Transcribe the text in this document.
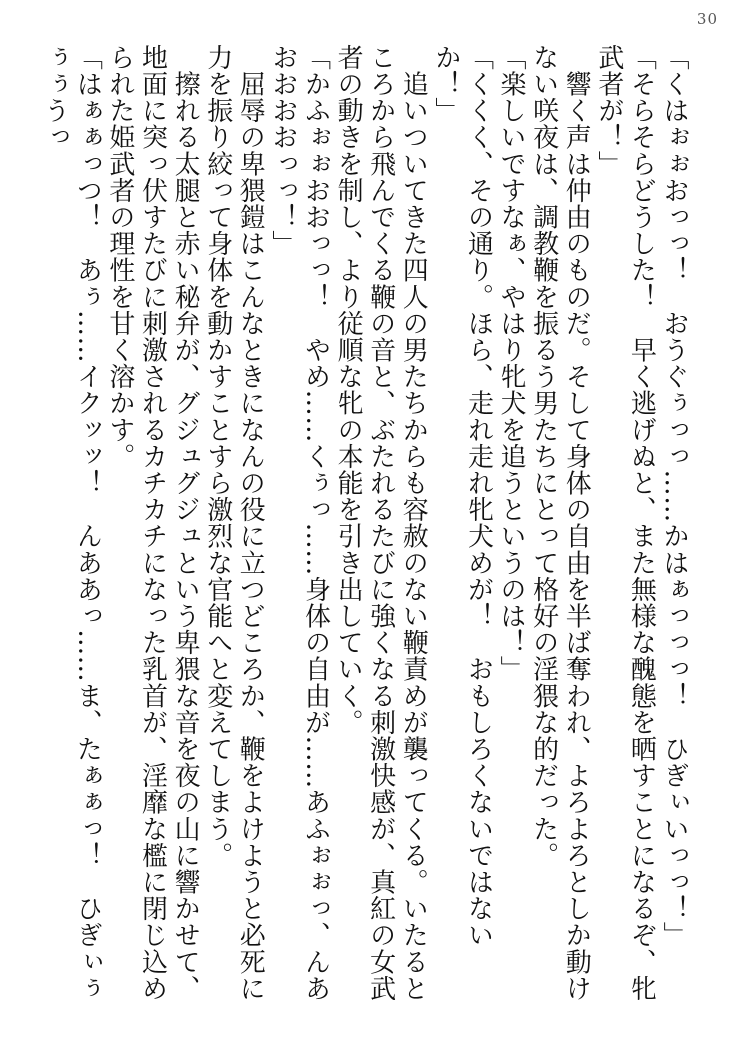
30

「くはぉぉおっっ！　おうぐぅっっ……かはぁっっっ！　ひぎぃいっっ！」

「そらそらどうした！　早く逃げぬと、また無様な醜態を晒すことになるぞ、牝武者が！」

　響く声は仲由のものだ。そして身体の自由を半ば奪われ、よろよろとしか動けない咲夜は、調教鞭を振るう男たちにとって格好の淫猥な的だった。

「楽しいですなぁ、やはり牝犬を追うというのは！」

「くくく、その通り。ほら、走れ走れ牝犬めが！　おもしろくないではないか！」

　追いついてきた四人の男たちからも容赦のない鞭責めが襲ってくる。いたるところから飛んでくる鞭の音と、ぶたれるたびに強くなる刺激快感が、真紅の女武者の動きを制し、より従順な牝の本能を引き出していく。

「かふぉぉおおっっ！　やめ……くぅっ……身体の自由が……あふぉぉっ、んあおおおおっっ！」

　屈辱の卑猥鎧はこんなときになんの役に立つどころか、鞭をよけようと必死に力を振り絞って身体を動かすことすら激烈な官能へと変えてしまう。

　擦れる太腿と赤い秘弁が、グジュグジュという卑猥な音を夜の山に響かせて、地面に突っ伏すたびに刺激されるカチカチになった乳首が、淫靡な檻に閉じ込められた姫武者の理性を甘く溶かす。

「はぁぁっつ！　あぅ……イクッッ！　んああっ……ま、たぁぁっ！　ひぎぃぅぅぅうっ
